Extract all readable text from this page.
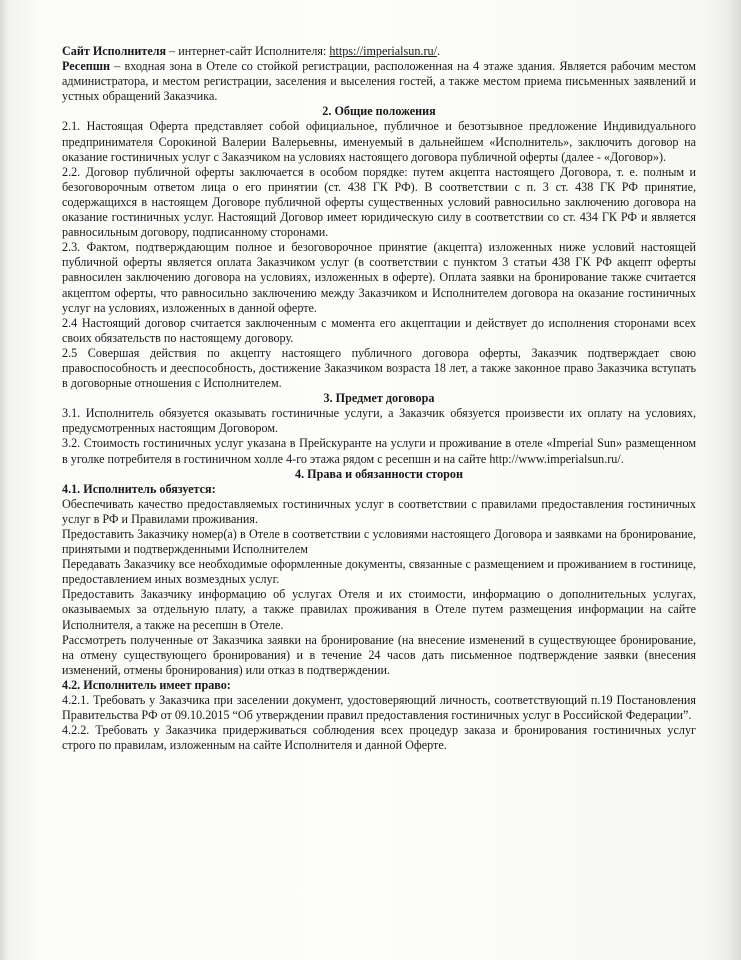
Сайт Исполнителя – интернет-сайт Исполнителя: https://imperialsun.ru/.

Ресепшн – входная зона в Отеле со стойкой регистрации, расположенная на 4 этаже здания. Является рабочим местом администратора, и местом регистрации, заселения и выселения гостей, а также местом приема письменных заявлений и устных обращений Заказчика.

2. Общие положения

2.1. Настоящая Оферта представляет собой официальное, публичное и безотзывное предложение Индивидуального предпринимателя Сорокиной Валерии Валерьевны, именуемый в дальнейшем «Исполнитель», заключить договор на оказание гостиничных услуг с Заказчиком на условиях настоящего договора публичной оферты (далее - «Договор»).

2.2. Договор публичной оферты заключается в особом порядке: путем акцепта настоящего Договора, т. е. полным и безоговорочным ответом лица о его принятии (ст. 438 ГК РФ). В соответствии с п. 3 ст. 438 ГК РФ принятие, содержащихся в настоящем Договоре публичной оферты существенных условий равносильно заключению договора на оказание гостиничных услуг. Настоящий Договор имеет юридическую силу в соответствии со ст. 434 ГК РФ и является равносильным договору, подписанному сторонами.

2.3. Фактом, подтверждающим полное и безоговорочное принятие (акцепта) изложенных ниже условий настоящей публичной оферты является оплата Заказчиком услуг (в соответствии с пунктом 3 статьи 438 ГК РФ акцепт оферты равносилен заключению договора на условиях, изложенных в оферте). Оплата заявки на бронирование также считается акцептом оферты, что равносильно заключению между Заказчиком и Исполнителем договора на оказание гостиничных услуг на условиях, изложенных в данной оферте.

2.4 Настоящий договор считается заключенным с момента его акцептации и действует до исполнения сторонами всех своих обязательств по настоящему договору.

2.5 Совершая действия по акцепту настоящего публичного договора оферты, Заказчик подтверждает свою правоспособность и дееспособность, достижение Заказчиком возраста 18 лет, а также законное право Заказчика вступать в договорные отношения с Исполнителем.

3. Предмет договора

3.1. Исполнитель обязуется оказывать гостиничные услуги, а Заказчик обязуется произвести их оплату на условиях, предусмотренных настоящим Договором.

3.2. Стоимость гостиничных услуг указана в Прейскуранте на услуги и проживание в отеле «Imperial Sun» размещенном в уголке потребителя в гостиничном холле 4-го этажа рядом с ресепшн и на сайте http://www.imperialsun.ru/.

4. Права и обязанности сторон

4.1. Исполнитель обязуется:

Обеспечивать качество предоставляемых гостиничных услуг в соответствии с правилами предоставления гостиничных услуг в РФ и Правилами проживания.

Предоставить Заказчику номер(а) в Отеле в соответствии с условиями настоящего Договора и заявками на бронирование, принятыми и подтвержденными Исполнителем

Передавать Заказчику все необходимые оформленные документы, связанные с размещением и проживанием в гостинице, предоставлением иных возмездных услуг.

Предоставить Заказчику информацию об услугах Отеля и их стоимости, информацию о дополнительных услугах, оказываемых за отдельную плату, а также правилах проживания в Отеле путем размещения информации на сайте Исполнителя, а также на ресепшн в Отеле.

Рассмотреть полученные от Заказчика заявки на бронирование (на внесение изменений в существующее бронирование, на отмену существующего бронирования) и в течение 24 часов дать письменное подтверждение заявки (внесения изменений, отмены бронирования) или отказ в подтверждении.

4.2. Исполнитель имеет право:

4.2.1. Требовать у Заказчика при заселении документ, удостоверяющий личность, соответствующий п.19 Постановления Правительства РФ от 09.10.2015 “Об утверждении правил предоставления гостиничных услуг в Российской Федерации”.

4.2.2. Требовать у Заказчика придерживаться соблюдения всех процедур заказа и бронирования гостиничных услуг строго по правилам, изложенным на сайте Исполнителя и данной Оферте.
